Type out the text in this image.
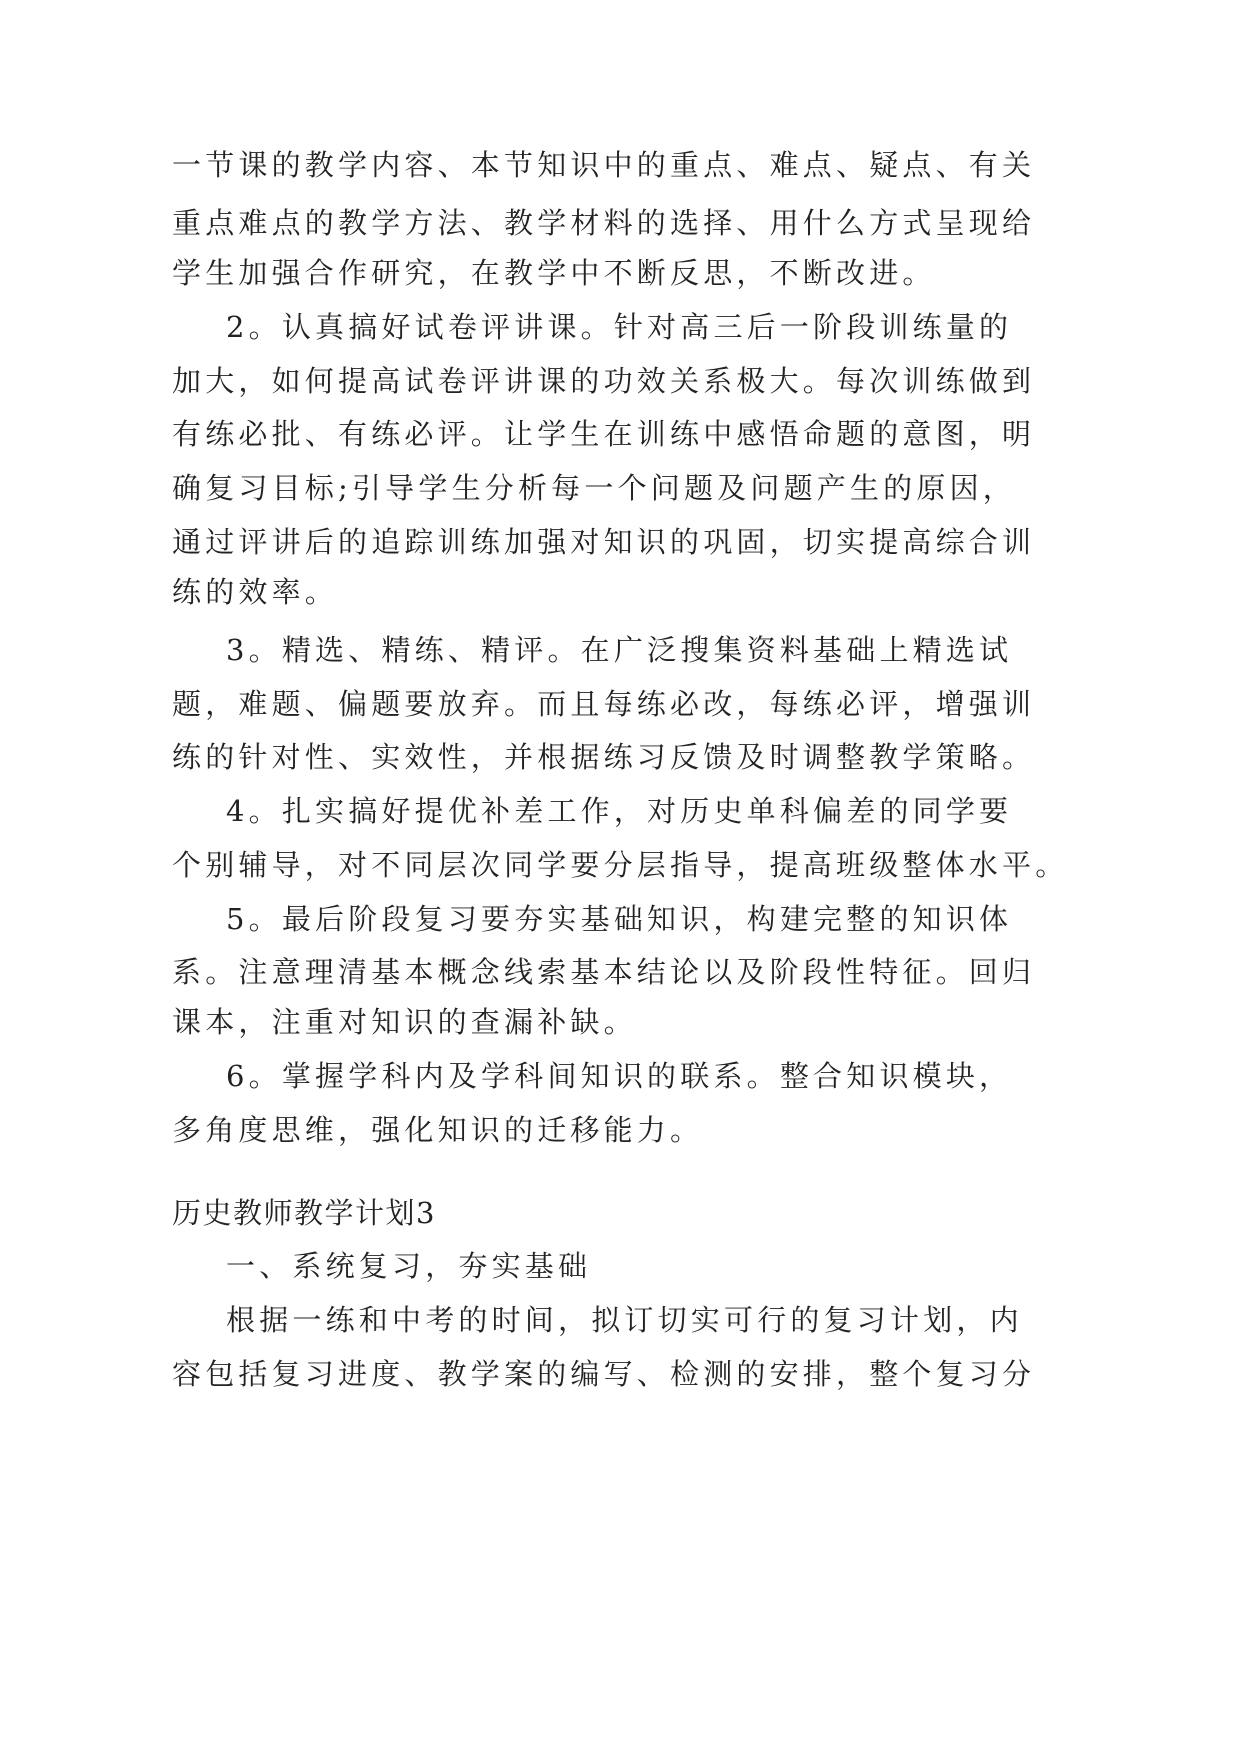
一节课的教学内容、本节知识中的重点、难点、疑点、有关
重点难点的教学方法、教学材料的选择、用什么方式呈现给
学生加强合作研究，在教学中不断反思，不断改进。
2。认真搞好试卷评讲课。针对高三后一阶段训练量的
加大，如何提高试卷评讲课的功效关系极大。每次训练做到
有练必批、有练必评。让学生在训练中感悟命题的意图，明
确复习目标;引导学生分析每一个问题及问题产生的原因，
通过评讲后的追踪训练加强对知识的巩固，切实提高综合训
练的效率。
3。精选、精练、精评。在广泛搜集资料基础上精选试
题，难题、偏题要放弃。而且每练必改，每练必评，增强训
练的针对性、实效性，并根据练习反馈及时调整教学策略。
4。扎实搞好提优补差工作，对历史单科偏差的同学要
个别辅导，对不同层次同学要分层指导，提高班级整体水平。
5。最后阶段复习要夯实基础知识，构建完整的知识体
系。注意理清基本概念线索基本结论以及阶段性特征。回归
课本，注重对知识的查漏补缺。
6。掌握学科内及学科间知识的联系。整合知识模块，
多角度思维，强化知识的迁移能力。
历史教师教学计划3
一、系统复习，夯实基础
根据一练和中考的时间，拟订切实可行的复习计划，内
容包括复习进度、教学案的编写、检测的安排，整个复习分
